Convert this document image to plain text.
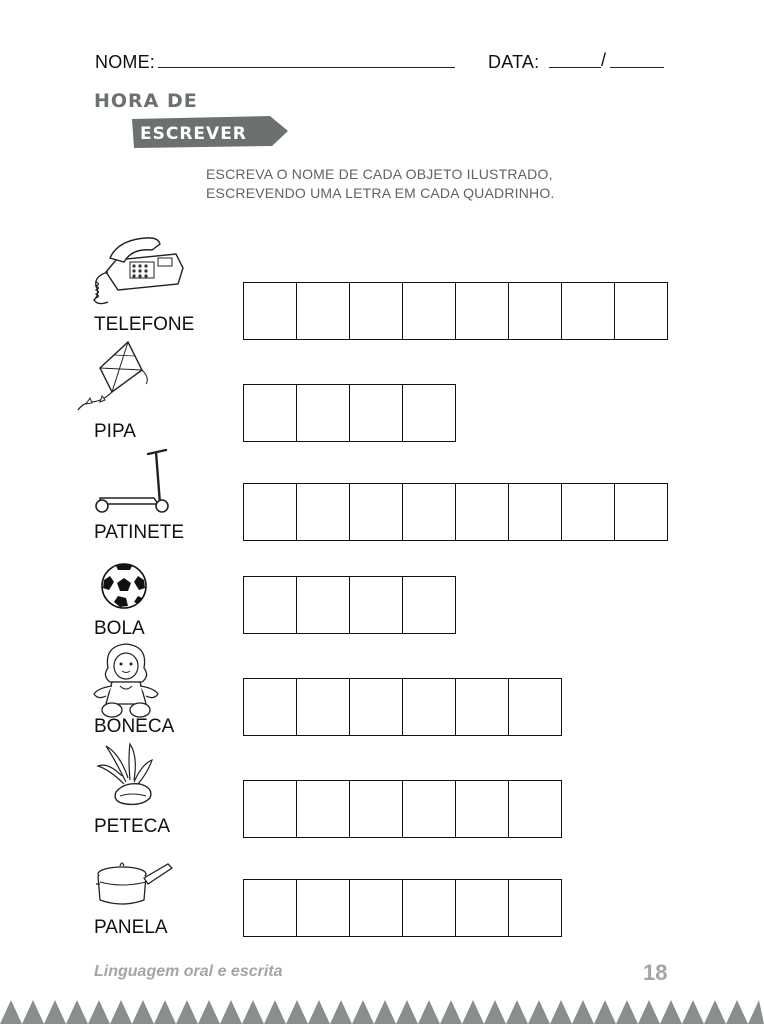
NOME:	DATA:	/
HORA DE
ESCREVER
ESCREVA O NOME DE CADA OBJETO ILUSTRADO,
ESCREVENDO UMA LETRA EM CADA QUADRINHO.
TELEFONE
PIPA
PATINETE
BOLA
BONECA
PETECA
PANELA
Linguagem oral e escrita	18
